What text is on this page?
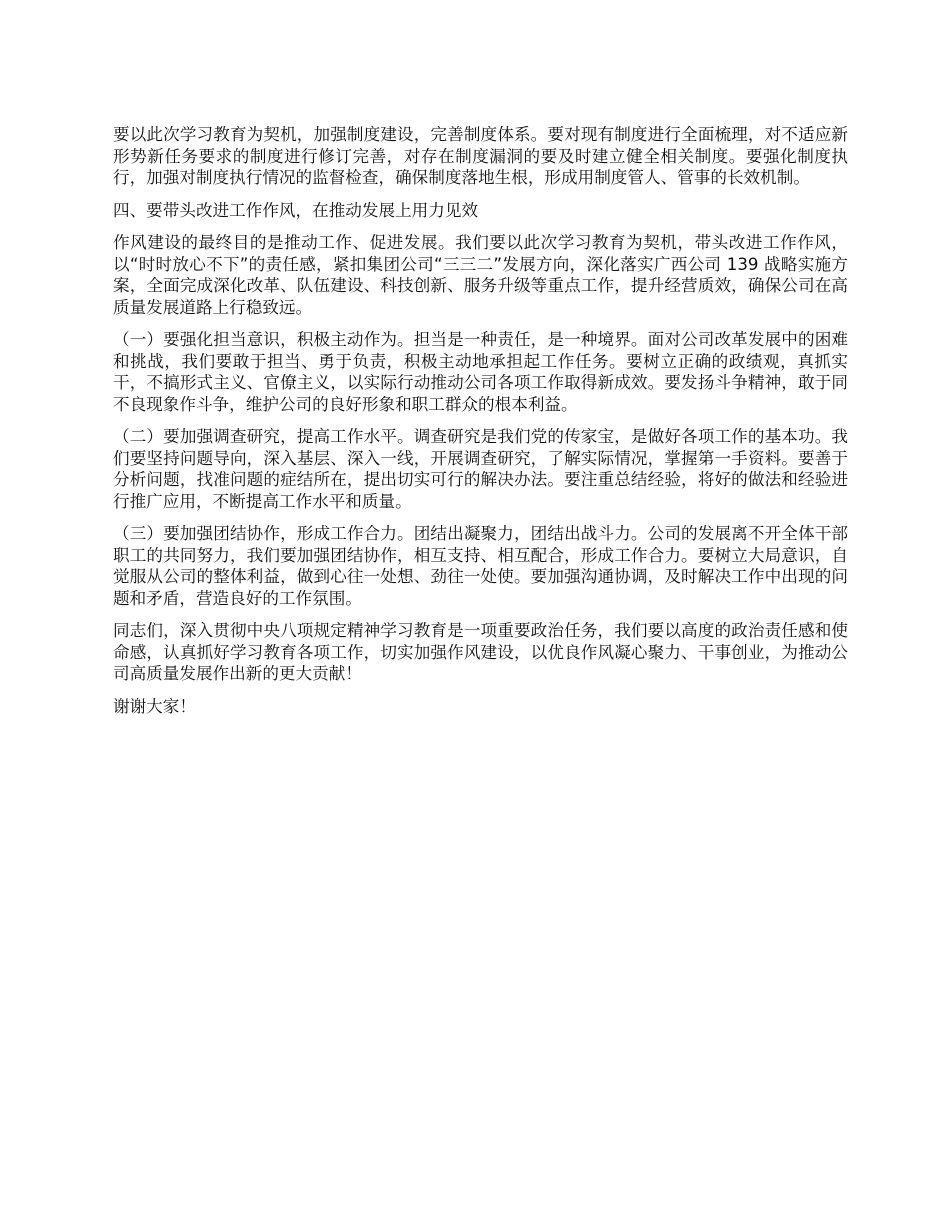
要以此次学习教育为契机，加强制度建设，完善制度体系。要对现有制度进行全面梳理，对不适应新形势新任务要求的制度进行修订完善，对存在制度漏洞的要及时建立健全相关制度。要强化制度执行，加强对制度执行情况的监督检查，确保制度落地生根，形成用制度管人、管事的长效机制。

四、要带头改进工作作风，在推动发展上用力见效

作风建设的最终目的是推动工作、促进发展。我们要以此次学习教育为契机，带头改进工作作风，以“时时放心不下”的责任感，紧扣集团公司“三三二”发展方向，深化落实广西公司 139 战略实施方案，全面完成深化改革、队伍建设、科技创新、服务升级等重点工作，提升经营质效，确保公司在高质量发展道路上行稳致远。

（一）要强化担当意识，积极主动作为。担当是一种责任，是一种境界。面对公司改革发展中的困难和挑战，我们要敢于担当、勇于负责，积极主动地承担起工作任务。要树立正确的政绩观，真抓实干，不搞形式主义、官僚主义，以实际行动推动公司各项工作取得新成效。要发扬斗争精神，敢于同不良现象作斗争，维护公司的良好形象和职工群众的根本利益。

（二）要加强调查研究，提高工作水平。调查研究是我们党的传家宝，是做好各项工作的基本功。我们要坚持问题导向，深入基层、深入一线，开展调查研究，了解实际情况，掌握第一手资料。要善于分析问题，找准问题的症结所在，提出切实可行的解决办法。要注重总结经验，将好的做法和经验进行推广应用，不断提高工作水平和质量。

（三）要加强团结协作，形成工作合力。团结出凝聚力，团结出战斗力。公司的发展离不开全体干部职工的共同努力，我们要加强团结协作，相互支持、相互配合，形成工作合力。要树立大局意识，自觉服从公司的整体利益，做到心往一处想、劲往一处使。要加强沟通协调，及时解决工作中出现的问题和矛盾，营造良好的工作氛围。

同志们，深入贯彻中央八项规定精神学习教育是一项重要政治任务，我们要以高度的政治责任感和使命感，认真抓好学习教育各项工作，切实加强作风建设，以优良作风凝心聚力、干事创业，为推动公司高质量发展作出新的更大贡献！

谢谢大家！
